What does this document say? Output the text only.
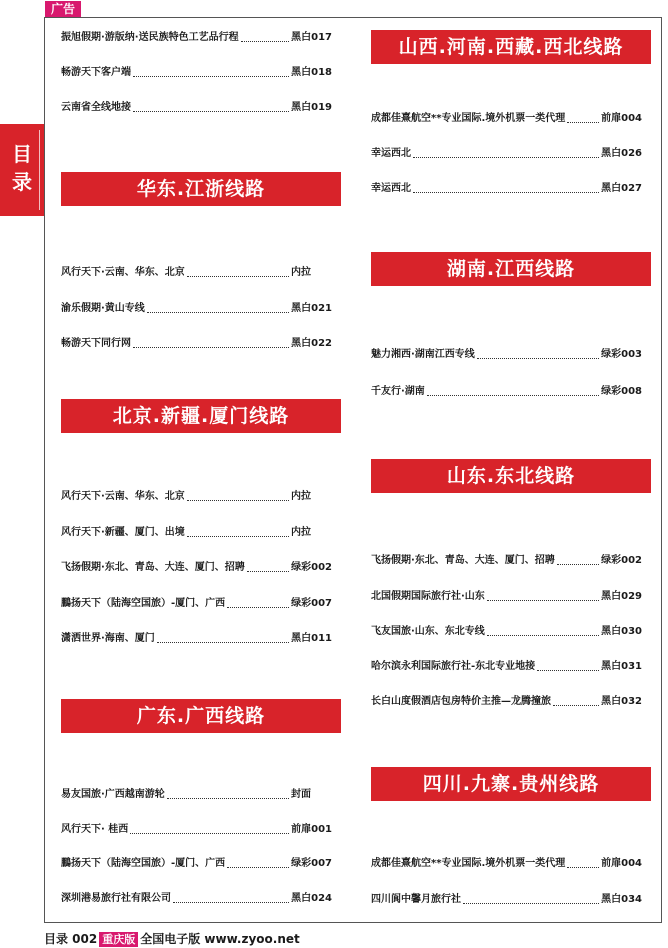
广告
目
录
振旭假期·游版纳·送民族特色工艺品行程	黑白017
畅游天下客户端	黑白018
云南省全线地接	黑白019
华东.江浙线路
风行天下·云南、华东、北京	内拉
渝乐假期·黄山专线	黑白021
畅游天下同行网	黑白022
北京.新疆.厦门线路
风行天下·云南、华东、北京	内拉
风行天下·新疆、厦门、出境	内拉
飞扬假期·东北、青岛、大连、厦门、招聘	绿彩002
鵬扬天下（陆海空国旅）-厦门、广西	绿彩007
潇洒世界·海南、厦门	黑白011
广东.广西线路
易友国旅·广西越南游轮	封面
风行天下· 桂西	前扉001
鵬扬天下（陆海空国旅）-厦门、广西	绿彩007
深圳港易旅行社有限公司	黑白024
山西.河南.西藏.西北线路
成都佳熹航空**专业国际.境外机票一类代理	前扉004
幸运西北	黑白026
幸运西北	黑白027
湖南.江西线路
魅力湘西·湖南江西专线	绿彩003
千友行·湖南	绿彩008
山东.东北线路
飞扬假期·东北、青岛、大连、厦门、招聘	绿彩002
北国假期国际旅行社·山东	黑白029
飞友国旅·山东、东北专线	黑白030
哈尔滨永利国际旅行社-东北专业地接	黑白031
长白山度假酒店包房特价主推—龙腾撞旅	黑白032
四川.九寨.贵州线路
成都佳熹航空**专业国际.境外机票一类代理	前扉004
四川阆中馨月旅行社	黑白034
目录 002 重庆版 全国电子版 www.zyoo.net
